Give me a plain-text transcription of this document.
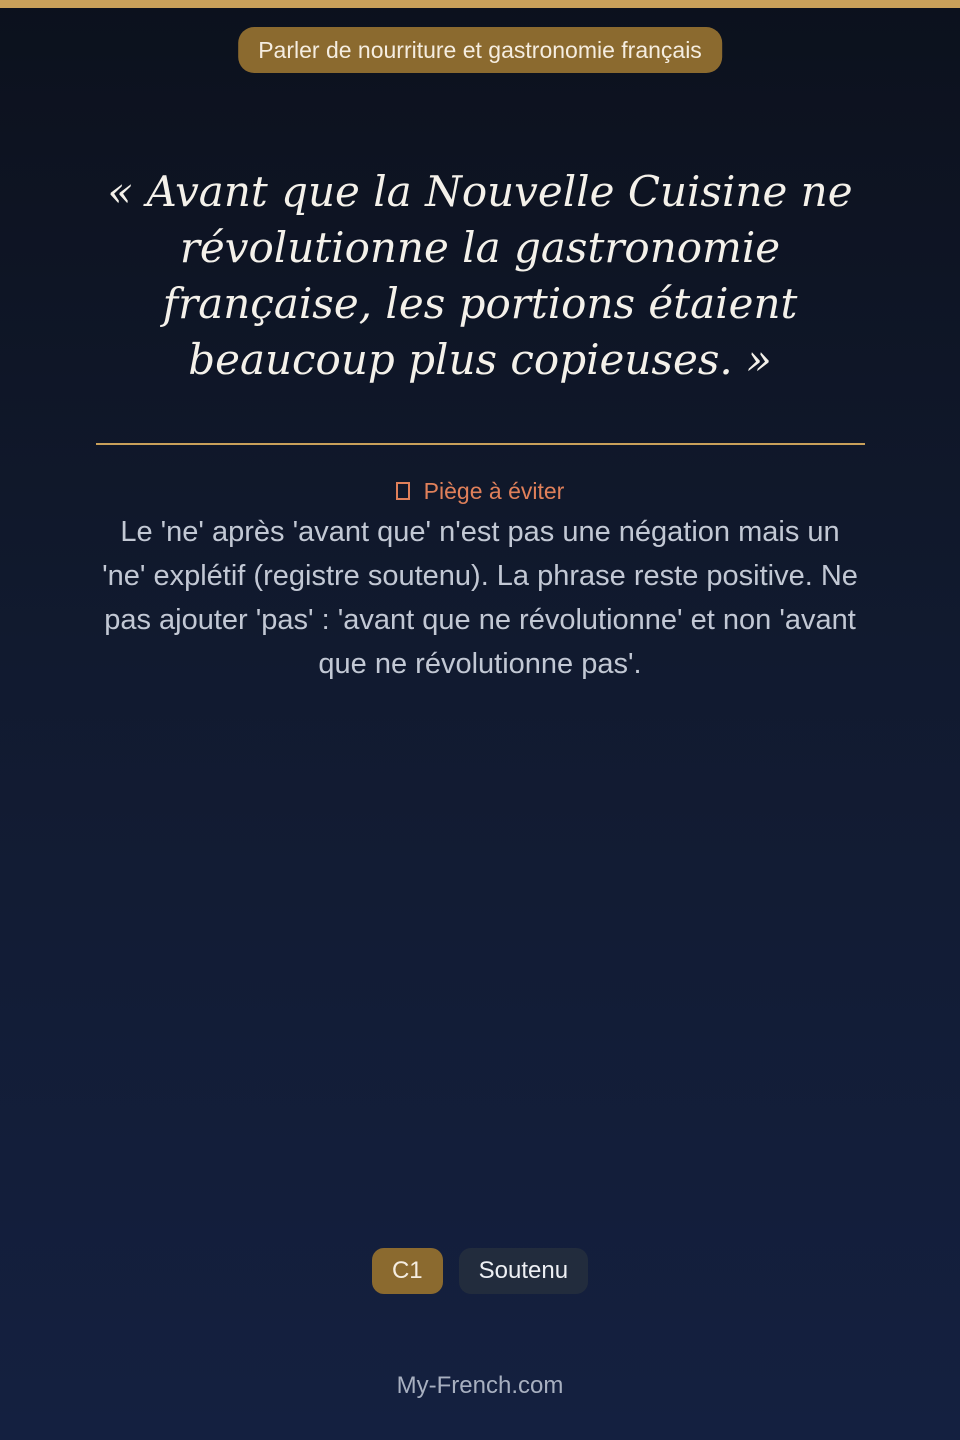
Parler de nourriture et gastronomie français

« Avant que la Nouvelle Cuisine ne révolutionne la gastronomie française, les portions étaient beaucoup plus copieuses. »

Piège à éviter

Le 'ne' après 'avant que' n'est pas une négation mais un 'ne' explétif (registre soutenu). La phrase reste positive. Ne pas ajouter 'pas' : 'avant que ne révolutionne' et non 'avant que ne révolutionne pas'.

C1	Soutenu
My-French.com
